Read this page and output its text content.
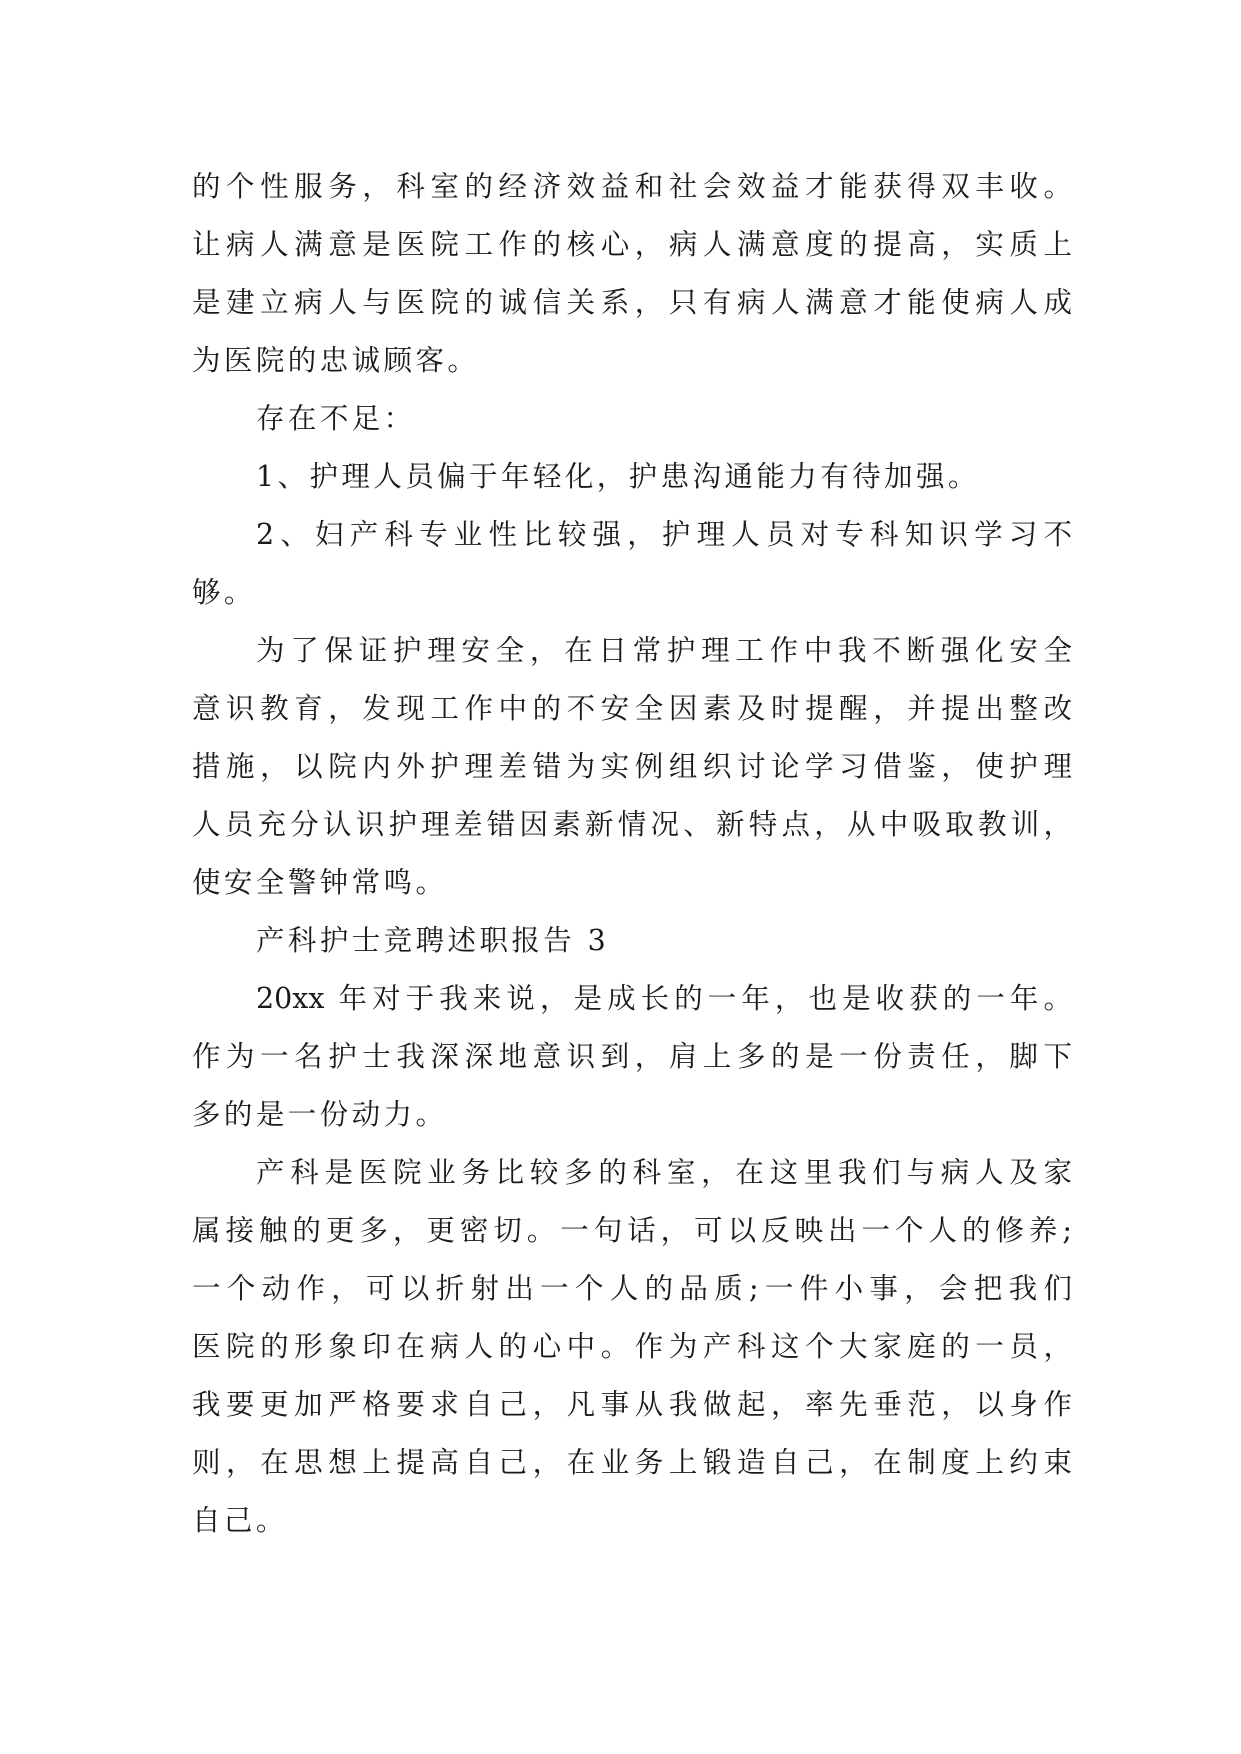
的个性服务，科室的经济效益和社会效益才能获得双丰收。
让病人满意是医院工作的核心，病人满意度的提高，实质上
是建立病人与医院的诚信关系，只有病人满意才能使病人成
为医院的忠诚顾客。
存在不足：
1、护理人员偏于年轻化，护患沟通能力有待加强。
2、妇产科专业性比较强，护理人员对专科知识学习不
够。
为了保证护理安全，在日常护理工作中我不断强化安全
意识教育，发现工作中的不安全因素及时提醒，并提出整改
措施，以院内外护理差错为实例组织讨论学习借鉴，使护理
人员充分认识护理差错因素新情况、新特点，从中吸取教训，
使安全警钟常鸣。
产科护士竞聘述职报告 3
20xx 年对于我来说，是成长的一年，也是收获的一年。
作为一名护士我深深地意识到，肩上多的是一份责任，脚下
多的是一份动力。
产科是医院业务比较多的科室，在这里我们与病人及家
属接触的更多，更密切。一句话，可以反映出一个人的修养;
一个动作，可以折射出一个人的品质;一件小事，会把我们
医院的形象印在病人的心中。作为产科这个大家庭的一员，
我要更加严格要求自己，凡事从我做起，率先垂范，以身作
则，在思想上提高自己，在业务上锻造自己，在制度上约束
自己。
